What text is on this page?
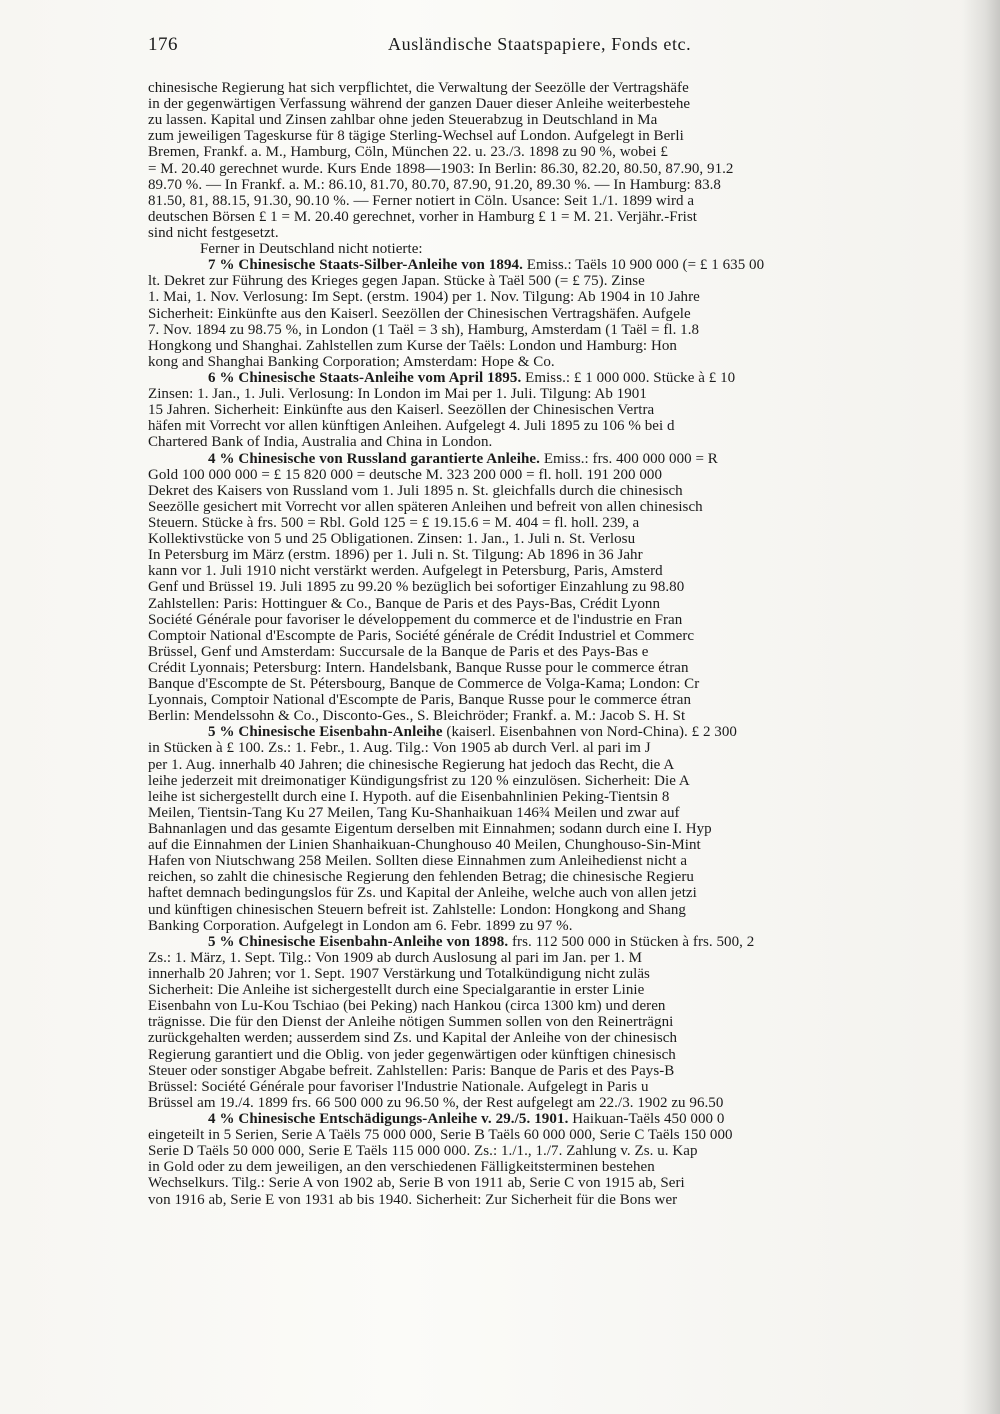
176	Ausländische Staatspapiere, Fonds etc.
chinesische Regierung hat sich verpflichtet, die Verwaltung der Seezölle der Vertragshäfe
in der gegenwärtigen Verfassung während der ganzen Dauer dieser Anleihe weiterbestehe
zu lassen. Kapital und Zinsen zahlbar ohne jeden Steuerabzug in Deutschland in Ma
zum jeweiligen Tageskurse für 8 tägige Sterling-Wechsel auf London. Aufgelegt in Berli
Bremen, Frankf. a. M., Hamburg, Cöln, München 22. u. 23./3. 1898 zu 90 %, wobei £
= M. 20.40 gerechnet wurde. Kurs Ende 1898—1903: In Berlin: 86.30, 82.20, 80.50, 87.90, 91.2
89.70 %. — In Frankf. a. M.: 86.10, 81.70, 80.70, 87.90, 91.20, 89.30 %. — In Hamburg: 83.8
81.50, 81, 88.15, 91.30, 90.10 %. — Ferner notiert in Cöln. Usance: Seit 1./1. 1899 wird a
deutschen Börsen £ 1 = M. 20.40 gerechnet, vorher in Hamburg £ 1 = M. 21. Verjähr.-Frist
sind nicht festgesetzt.
Ferner in Deutschland nicht notierte:
7 % Chinesische Staats-Silber-Anleihe von 1894. Emiss.: Taëls 10 900 000 (= £ 1 635 00
lt. Dekret zur Führung des Krieges gegen Japan. Stücke à Taël 500 (= £ 75). Zinse
1. Mai, 1. Nov. Verlosung: Im Sept. (erstm. 1904) per 1. Nov. Tilgung: Ab 1904 in 10 Jahre
Sicherheit: Einkünfte aus den Kaiserl. Seezöllen der Chinesischen Vertragshäfen. Aufgele
7. Nov. 1894 zu 98.75 %, in London (1 Taël = 3 sh), Hamburg, Amsterdam (1 Taël = fl. 1.8
Hongkong und Shanghai. Zahlstellen zum Kurse der Taëls: London und Hamburg: Hon
kong and Shanghai Banking Corporation; Amsterdam: Hope & Co.
6 % Chinesische Staats-Anleihe vom April 1895. Emiss.: £ 1 000 000. Stücke à £ 10
Zinsen: 1. Jan., 1. Juli. Verlosung: In London im Mai per 1. Juli. Tilgung: Ab 1901
15 Jahren. Sicherheit: Einkünfte aus den Kaiserl. Seezöllen der Chinesischen Vertra
häfen mit Vorrecht vor allen künftigen Anleihen. Aufgelegt 4. Juli 1895 zu 106 % bei d
Chartered Bank of India, Australia and China in London.
4 % Chinesische von Russland garantierte Anleihe. Emiss.: frs. 400 000 000 = R
Gold 100 000 000 = £ 15 820 000 = deutsche M. 323 200 000 = fl. holl. 191 200 000
Dekret des Kaisers von Russland vom 1. Juli 1895 n. St. gleichfalls durch die chinesisch
Seezölle gesichert mit Vorrecht vor allen späteren Anleihen und befreit von allen chinesisch
Steuern. Stücke à frs. 500 = Rbl. Gold 125 = £ 19.15.6 = M. 404 = fl. holl. 239, a
Kollektivstücke von 5 und 25 Obligationen. Zinsen: 1. Jan., 1. Juli n. St. Verlosu
In Petersburg im März (erstm. 1896) per 1. Juli n. St. Tilgung: Ab 1896 in 36 Jahr
kann vor 1. Juli 1910 nicht verstärkt werden. Aufgelegt in Petersburg, Paris, Amsterd
Genf und Brüssel 19. Juli 1895 zu 99.20 % bezüglich bei sofortiger Einzahlung zu 98.80
Zahlstellen: Paris: Hottinguer & Co., Banque de Paris et des Pays-Bas, Crédit Lyonn
Société Générale pour favoriser le développement du commerce et de l'industrie en Fran
Comptoir National d'Escompte de Paris, Société générale de Crédit Industriel et Commerc
Brüssel, Genf und Amsterdam: Succursale de la Banque de Paris et des Pays-Bas e
Crédit Lyonnais; Petersburg: Intern. Handelsbank, Banque Russe pour le commerce étran
Banque d'Escompte de St. Pétersbourg, Banque de Commerce de Volga-Kama; London: Cr
Lyonnais, Comptoir National d'Escompte de Paris, Banque Russe pour le commerce étran
Berlin: Mendelssohn & Co., Disconto-Ges., S. Bleichröder; Frankf. a. M.: Jacob S. H. St
5 % Chinesische Eisenbahn-Anleihe (kaiserl. Eisenbahnen von Nord-China). £ 2 300
in Stücken à £ 100. Zs.: 1. Febr., 1. Aug. Tilg.: Von 1905 ab durch Verl. al pari im J
per 1. Aug. innerhalb 40 Jahren; die chinesische Regierung hat jedoch das Recht, die A
leihe jederzeit mit dreimonatiger Kündigungsfrist zu 120 % einzulösen. Sicherheit: Die A
leihe ist sichergestellt durch eine I. Hypoth. auf die Eisenbahnlinien Peking-Tientsin 8
Meilen, Tientsin-Tang Ku 27 Meilen, Tang Ku-Shanhaikuan 146¾ Meilen und zwar auf
Bahnanlagen und das gesamte Eigentum derselben mit Einnahmen; sodann durch eine I. Hyp
auf die Einnahmen der Linien Shanhaikuan-Chunghouso 40 Meilen, Chunghouso-Sin-Mint
Hafen von Niutschwang 258 Meilen. Sollten diese Einnahmen zum Anleihedienst nicht a
reichen, so zahlt die chinesische Regierung den fehlenden Betrag; die chinesische Regieru
haftet demnach bedingungslos für Zs. und Kapital der Anleihe, welche auch von allen jetzi
und künftigen chinesischen Steuern befreit ist. Zahlstelle: London: Hongkong and Shang
Banking Corporation. Aufgelegt in London am 6. Febr. 1899 zu 97 %.
5 % Chinesische Eisenbahn-Anleihe von 1898. frs. 112 500 000 in Stücken à frs. 500, 2
Zs.: 1. März, 1. Sept. Tilg.: Von 1909 ab durch Auslosung al pari im Jan. per 1. M
innerhalb 20 Jahren; vor 1. Sept. 1907 Verstärkung und Totalkündigung nicht zuläs
Sicherheit: Die Anleihe ist sichergestellt durch eine Specialgarantie in erster Linie
Eisenbahn von Lu-Kou Tschiao (bei Peking) nach Hankou (circa 1300 km) und deren
trägnisse. Die für den Dienst der Anleihe nötigen Summen sollen von den Reinerträgni
zurückgehalten werden; ausserdem sind Zs. und Kapital der Anleihe von der chinesisch
Regierung garantiert und die Oblig. von jeder gegenwärtigen oder künftigen chinesisch
Steuer oder sonstiger Abgabe befreit. Zahlstellen: Paris: Banque de Paris et des Pays-B
Brüssel: Société Générale pour favoriser l'Industrie Nationale. Aufgelegt in Paris u
Brüssel am 19./4. 1899 frs. 66 500 000 zu 96.50 %, der Rest aufgelegt am 22./3. 1902 zu 96.50
4 % Chinesische Entschädigungs-Anleihe v. 29./5. 1901. Haikuan-Taëls 450 000 0
eingeteilt in 5 Serien, Serie A Taëls 75 000 000, Serie B Taëls 60 000 000, Serie C Taëls 150 000
Serie D Taëls 50 000 000, Serie E Taëls 115 000 000. Zs.: 1./1., 1./7. Zahlung v. Zs. u. Kap
in Gold oder zu dem jeweiligen, an den verschiedenen Fälligkeitsterminen bestehen
Wechselkurs. Tilg.: Serie A von 1902 ab, Serie B von 1911 ab, Serie C von 1915 ab, Seri
von 1916 ab, Serie E von 1931 ab bis 1940. Sicherheit: Zur Sicherheit für die Bons wer
